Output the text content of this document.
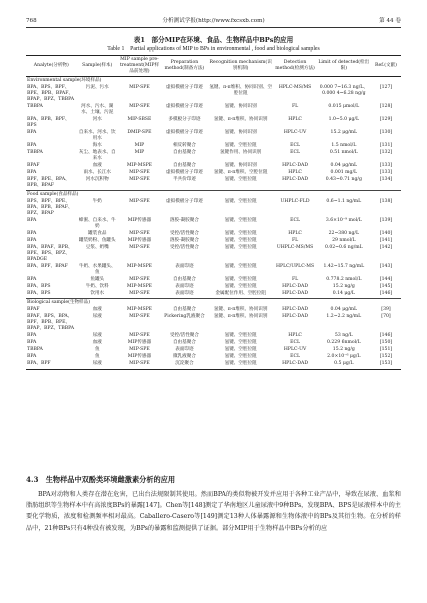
768	分析测试学报(http://www.fxcsxb.com)	第 44 卷
表1　部分MIP在环境、食品、生物样品中BPs的应用
Table 1　Partial applications of MIP to BPs in environmental , food and biological samples
Analyte(分析物)	Sample(样本)	MIP sample pre-treatment(MIP样品前处理)	Preparation method(制备方法)	Recognition mechanism(识别机制)	Detection method(检测方法)	Limit of detected(检出限)	Ref.(文献)
Environmental sample(环境样品)							
BPA、BPS、BPF、BPE、BPB、BPAF、BPAP、BPZ、TBBPA	污泥、污水	MIP-SPE	虚拟模板分子印迹	氢键、π-π堆积、协同识别、空腔位阻	HPLC-MS/MS	0.000 7~16.3 ng/L、0.000 4~6.28 ng/g	[127]
TBBPA	河水、污水、湖水、土壤、污泥	MIP-SPE	虚拟模板分子印迹	氢键、协同识别	FL	0.015 μmol/L	[128]
BPA、BPB、BPF、BPS	河水	MIP-SBSE	多模板分子印迹	氢键、π-π堆积、协同识别	HPLC	1.0~5.0 μg/L	[129]
BPA	自来水、河水、饮用水	DMIP-SPE	虚拟模板分子印迹	氢键、协同识别	HPLC-UV	15.2 μg/mL	[130]
BPA	海水	MIP	相反转聚合	氢键、空腔位阻	ECL	1.5 nmol/L	[131]
TBBPA	灰尘、地表水、自来水	MIP	自由基聚合	氢键作用、协同识别	ECL	0.51 nmol/L	[132]
BPAF	血液	MIP-MSPE	自由基聚合	氢键、协同识别	HPLC-DAD	0.04 μg/mL	[133]
BPA	雨水、长江水	MIP-SPE	虚拟模板分子印迹	氢键、π-π堆积、空腔位阻	HPLC	0.001 mg/L	[133]
BPF、BPE、BPA、BPB、BPAF	河水沉积物	MIP-SPE	半共价印迹	氢键、空腔位阻	HPLC-DAD	0.43~0.71 ng/g	[134]
Food sample(食品样品)							
BPS、BPF、BPE、BPA、BPB、BPAF、BPZ、BPAP	牛奶	MIP-SPE	虚拟模板分子印迹	氢键、空腔位阻	UHPLC-FLD	0.6~1.1 ng/mL	[138]
BPA	蜂蜜、自来水、牛奶	MIP传感器	溶胶-凝胶聚合	氢键、空腔位阻	ECL	3.6×10⁻⁹ mol/L	[139]
BPA	罐装食品	MIP-SPE	受控/活性聚合	氢键、空腔位阻	HPLC	22~380 ng/L	[140]
BPA	罐装奶粉、鱼罐头	MIP传感器	溶胶-凝胶聚合	氢键、空腔位阻	FL	29 nmol/L	[141]
BPA、BPAF、BPB、BPE、BPS、BPZ、BPADGE	豆浆、奶嘴	MIP-SPE	受控/活性聚合	氢键、空腔位阻	UHPLC-MS/MS	0.02~0.6 ng/mL	[142]
BPA、BPF、BPAF	牛奶、水果罐头、鱼	MIP-MSPE	表面印迹	氢键、空腔位阻	HPLC/UPLC-MS	1.42~15.7 ng/mL	[143]
BPA	鱼罐头	MIP-SPE	自由基聚合	氢键、空腔位阻	FL	0.778.2 nmol/L	[144]
BPA、BPS	牛奶、饮料	MIP-MSPE	表面印迹	氢键、空腔位阻	HPLC-DAD	15.2 ng/g	[145]
BPA、BPS	饮用水	MIP-SPE	表面印迹	金属配位作用、空腔位阻	HPLC-DAD	0.14 μg/L	[146]
Biological sample(生物样品)							
BPAF	血液	MIP-MSPE	自由基聚合	氢键、π-π堆积、协同识别	HPLC-DAD	0.04 μg/mL	[39]
BPAF、BPS、BPA、BPF、BPB、BPE、BPAP、BPZ、TBBPA	尿液	MIP-SPE	Pickering乳液聚合	氢键、π-π堆积、协同识别	HPLC-DAD	1.2~2.2 ng/mL	[70]
BPA	尿液	MIP-SPE	受控/活性聚合	氢键、空腔位阻	HPLC	53 ng/L	[146]
BPA	血液	MIP传感器	自由基聚合	氢键、空腔位阻	ECL	0.229 6nmol/L	[150]
TBBPA	鱼	MIP-SPE	表面印迹	氢键、空腔位阻	HPLC-UV	15.2 ng/g	[151]
BPA	鱼	MIP传感器	微乳液聚合	氢键、空腔位阻	ECL	2.0×10⁻⁶ μg/L	[152]
BPA、BPF	尿液	MIP-SPE	沉淀聚合	氢键、空腔位阻	HPLC-DAD	0.5 μg/L	[153]
4.3　生物样品中双酚类环境雌激素分析的应用

BPA对动物和人类存在潜在危害，已出台法规限制其使用。然而BPA的类似物被开发并应用于各种工业产品中，导致在尿液、血浆和脂肪组织等生物样本中有高浓度BPs的暴露[147]。Chen等[148]测定了华南地区儿童尿液中9种BPs，发现BPA、BPS是尿液样本中的主要化学物质，浓度和检测频率相对最高。Caballero-Casero等[149]测定13种人体暴露源和生物体液中的BPs及其衍生物。在分析的样品中，21种BPs只有4种没有被发现，为BPs的暴露和监测提供了证据。部分MIP用于生物样品中BPs分析的应
